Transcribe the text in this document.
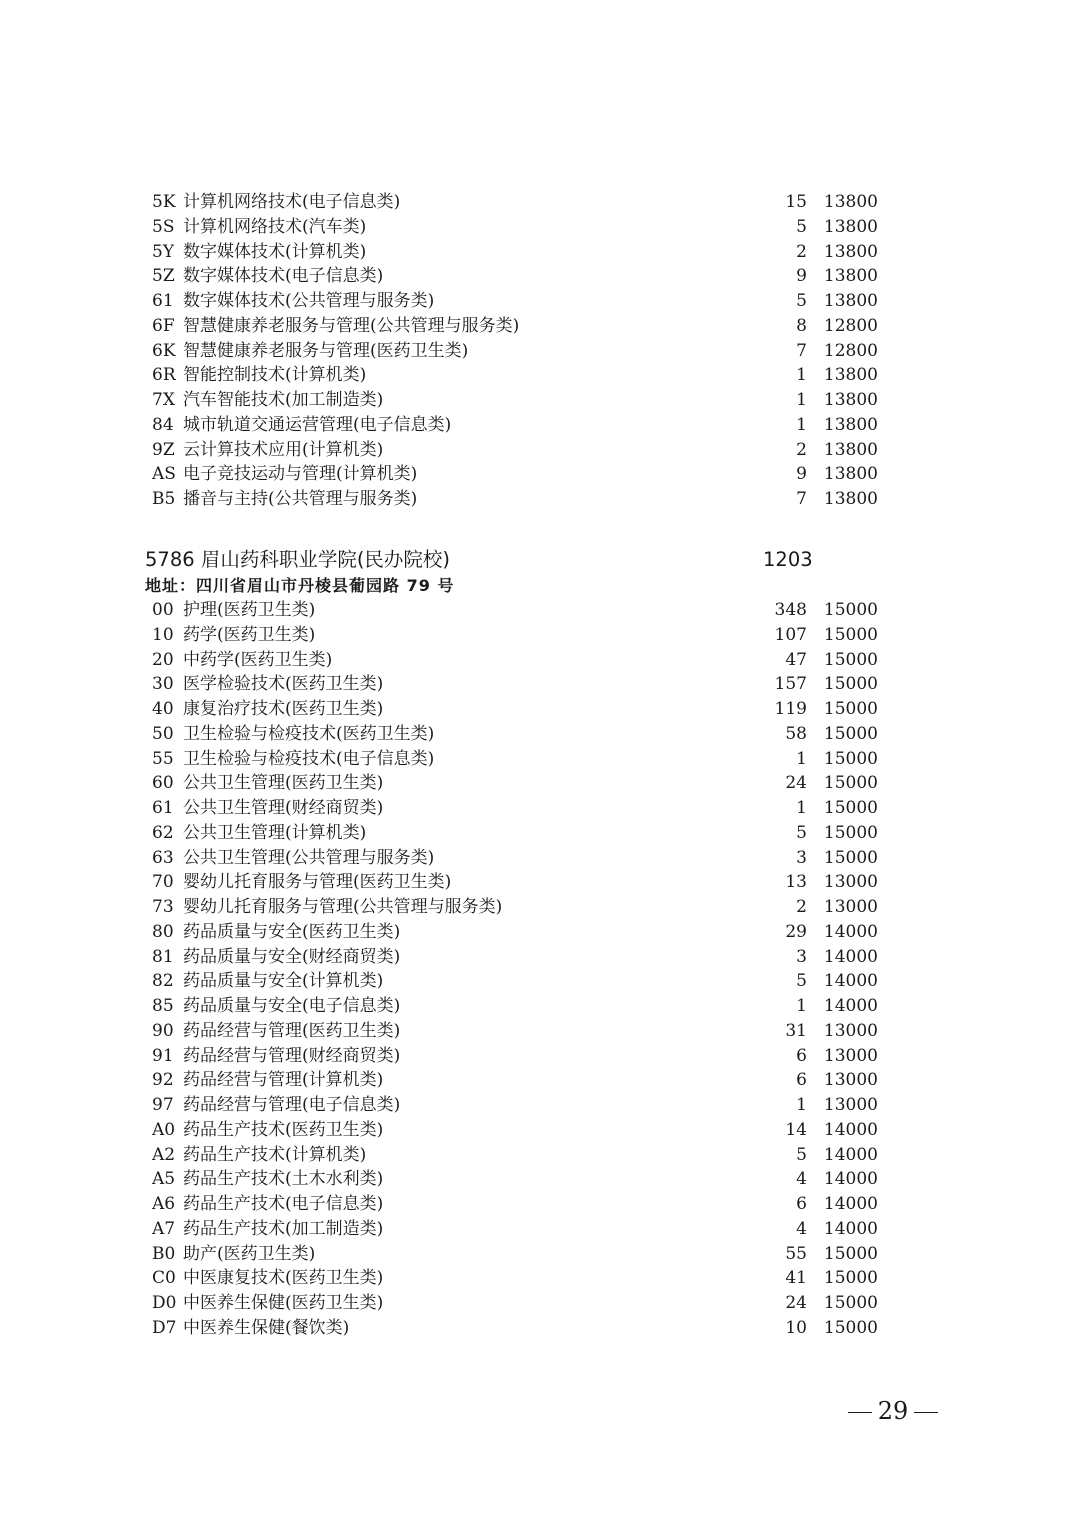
5K 计算机网络技术(电子信息类)	15 13800
5S 计算机网络技术(汽车类)	5 13800
5Y 数字媒体技术(计算机类)	2 13800
5Z 数字媒体技术(电子信息类)	9 13800
61 数字媒体技术(公共管理与服务类)	5 13800
6F 智慧健康养老服务与管理(公共管理与服务类)	8 12800
6K 智慧健康养老服务与管理(医药卫生类)	7 12800
6R 智能控制技术(计算机类)	1 13800
7X 汽车智能技术(加工制造类)	1 13800
84 城市轨道交通运营管理(电子信息类)	1 13800
9Z 云计算技术应用(计算机类)	2 13800
AS 电子竞技运动与管理(计算机类)	9 13800
B5 播音与主持(公共管理与服务类)	7 13800
5786 眉山药科职业学院(民办院校)	1203
地址：四川省眉山市丹棱县葡园路 79 号
00 护理(医药卫生类)	348 15000
10 药学(医药卫生类)	107 15000
20 中药学(医药卫生类)	47 15000
30 医学检验技术(医药卫生类)	157 15000
40 康复治疗技术(医药卫生类)	119 15000
50 卫生检验与检疫技术(医药卫生类)	58 15000
55 卫生检验与检疫技术(电子信息类)	1 15000
60 公共卫生管理(医药卫生类)	24 15000
61 公共卫生管理(财经商贸类)	1 15000
62 公共卫生管理(计算机类)	5 15000
63 公共卫生管理(公共管理与服务类)	3 15000
70 婴幼儿托育服务与管理(医药卫生类)	13 13000
73 婴幼儿托育服务与管理(公共管理与服务类)	2 13000
80 药品质量与安全(医药卫生类)	29 14000
81 药品质量与安全(财经商贸类)	3 14000
82 药品质量与安全(计算机类)	5 14000
85 药品质量与安全(电子信息类)	1 14000
90 药品经营与管理(医药卫生类)	31 13000
91 药品经营与管理(财经商贸类)	6 13000
92 药品经营与管理(计算机类)	6 13000
97 药品经营与管理(电子信息类)	1 13000
A0 药品生产技术(医药卫生类)	14 14000
A2 药品生产技术(计算机类)	5 14000
A5 药品生产技术(土木水利类)	4 14000
A6 药品生产技术(电子信息类)	6 14000
A7 药品生产技术(加工制造类)	4 14000
B0 助产(医药卫生类)	55 15000
C0 中医康复技术(医药卫生类)	41 15000
D0 中医养生保健(医药卫生类)	24 15000
D7 中医养生保健(餐饮类)	10 15000
29
